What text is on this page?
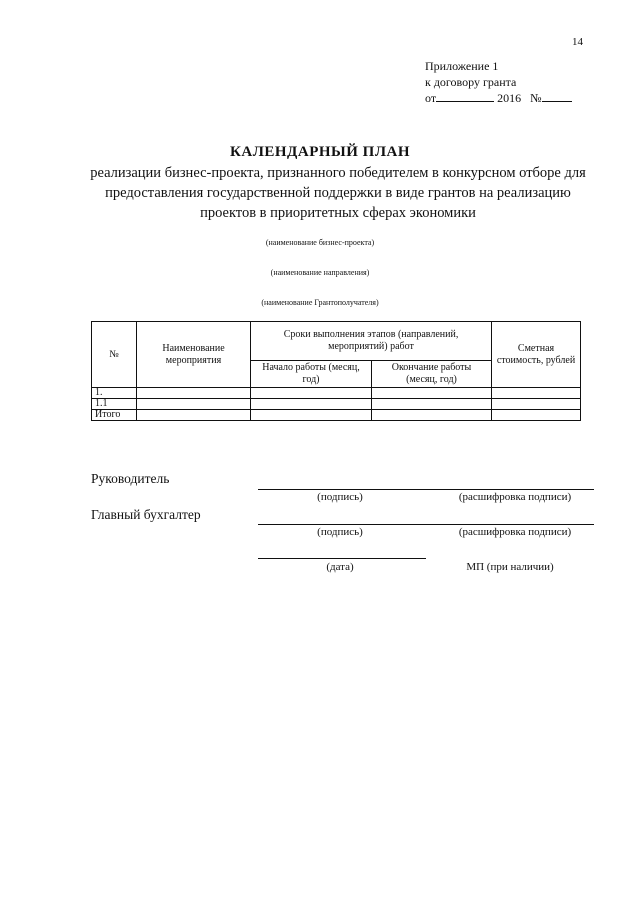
14
Приложение 1
к договору гранта
от	2016 №
КАЛЕНДАРНЫЙ ПЛАН
реализации бизнес-проекта, признанного победителем в конкурсном отборе для предоставления государственной поддержки в виде грантов на реализацию проектов в приоритетных сферах экономики
(наименование бизнес-проекта)
(наименование направления)
(наименование Грантополучателя)
№	Наименование мероприятия	Сроки выполнения этапов (направлений, мероприятий) работ		Сметная стоимость, рублей
		Начало работы (месяц, год)	Окончание работы (месяц, год)	
1.				
1.1				
Итого				
Руководитель
(подпись)	(расшифровка подписи)
Главный бухгалтер
(подпись)	(расшифровка подписи)
(дата)	МП (при наличии)
